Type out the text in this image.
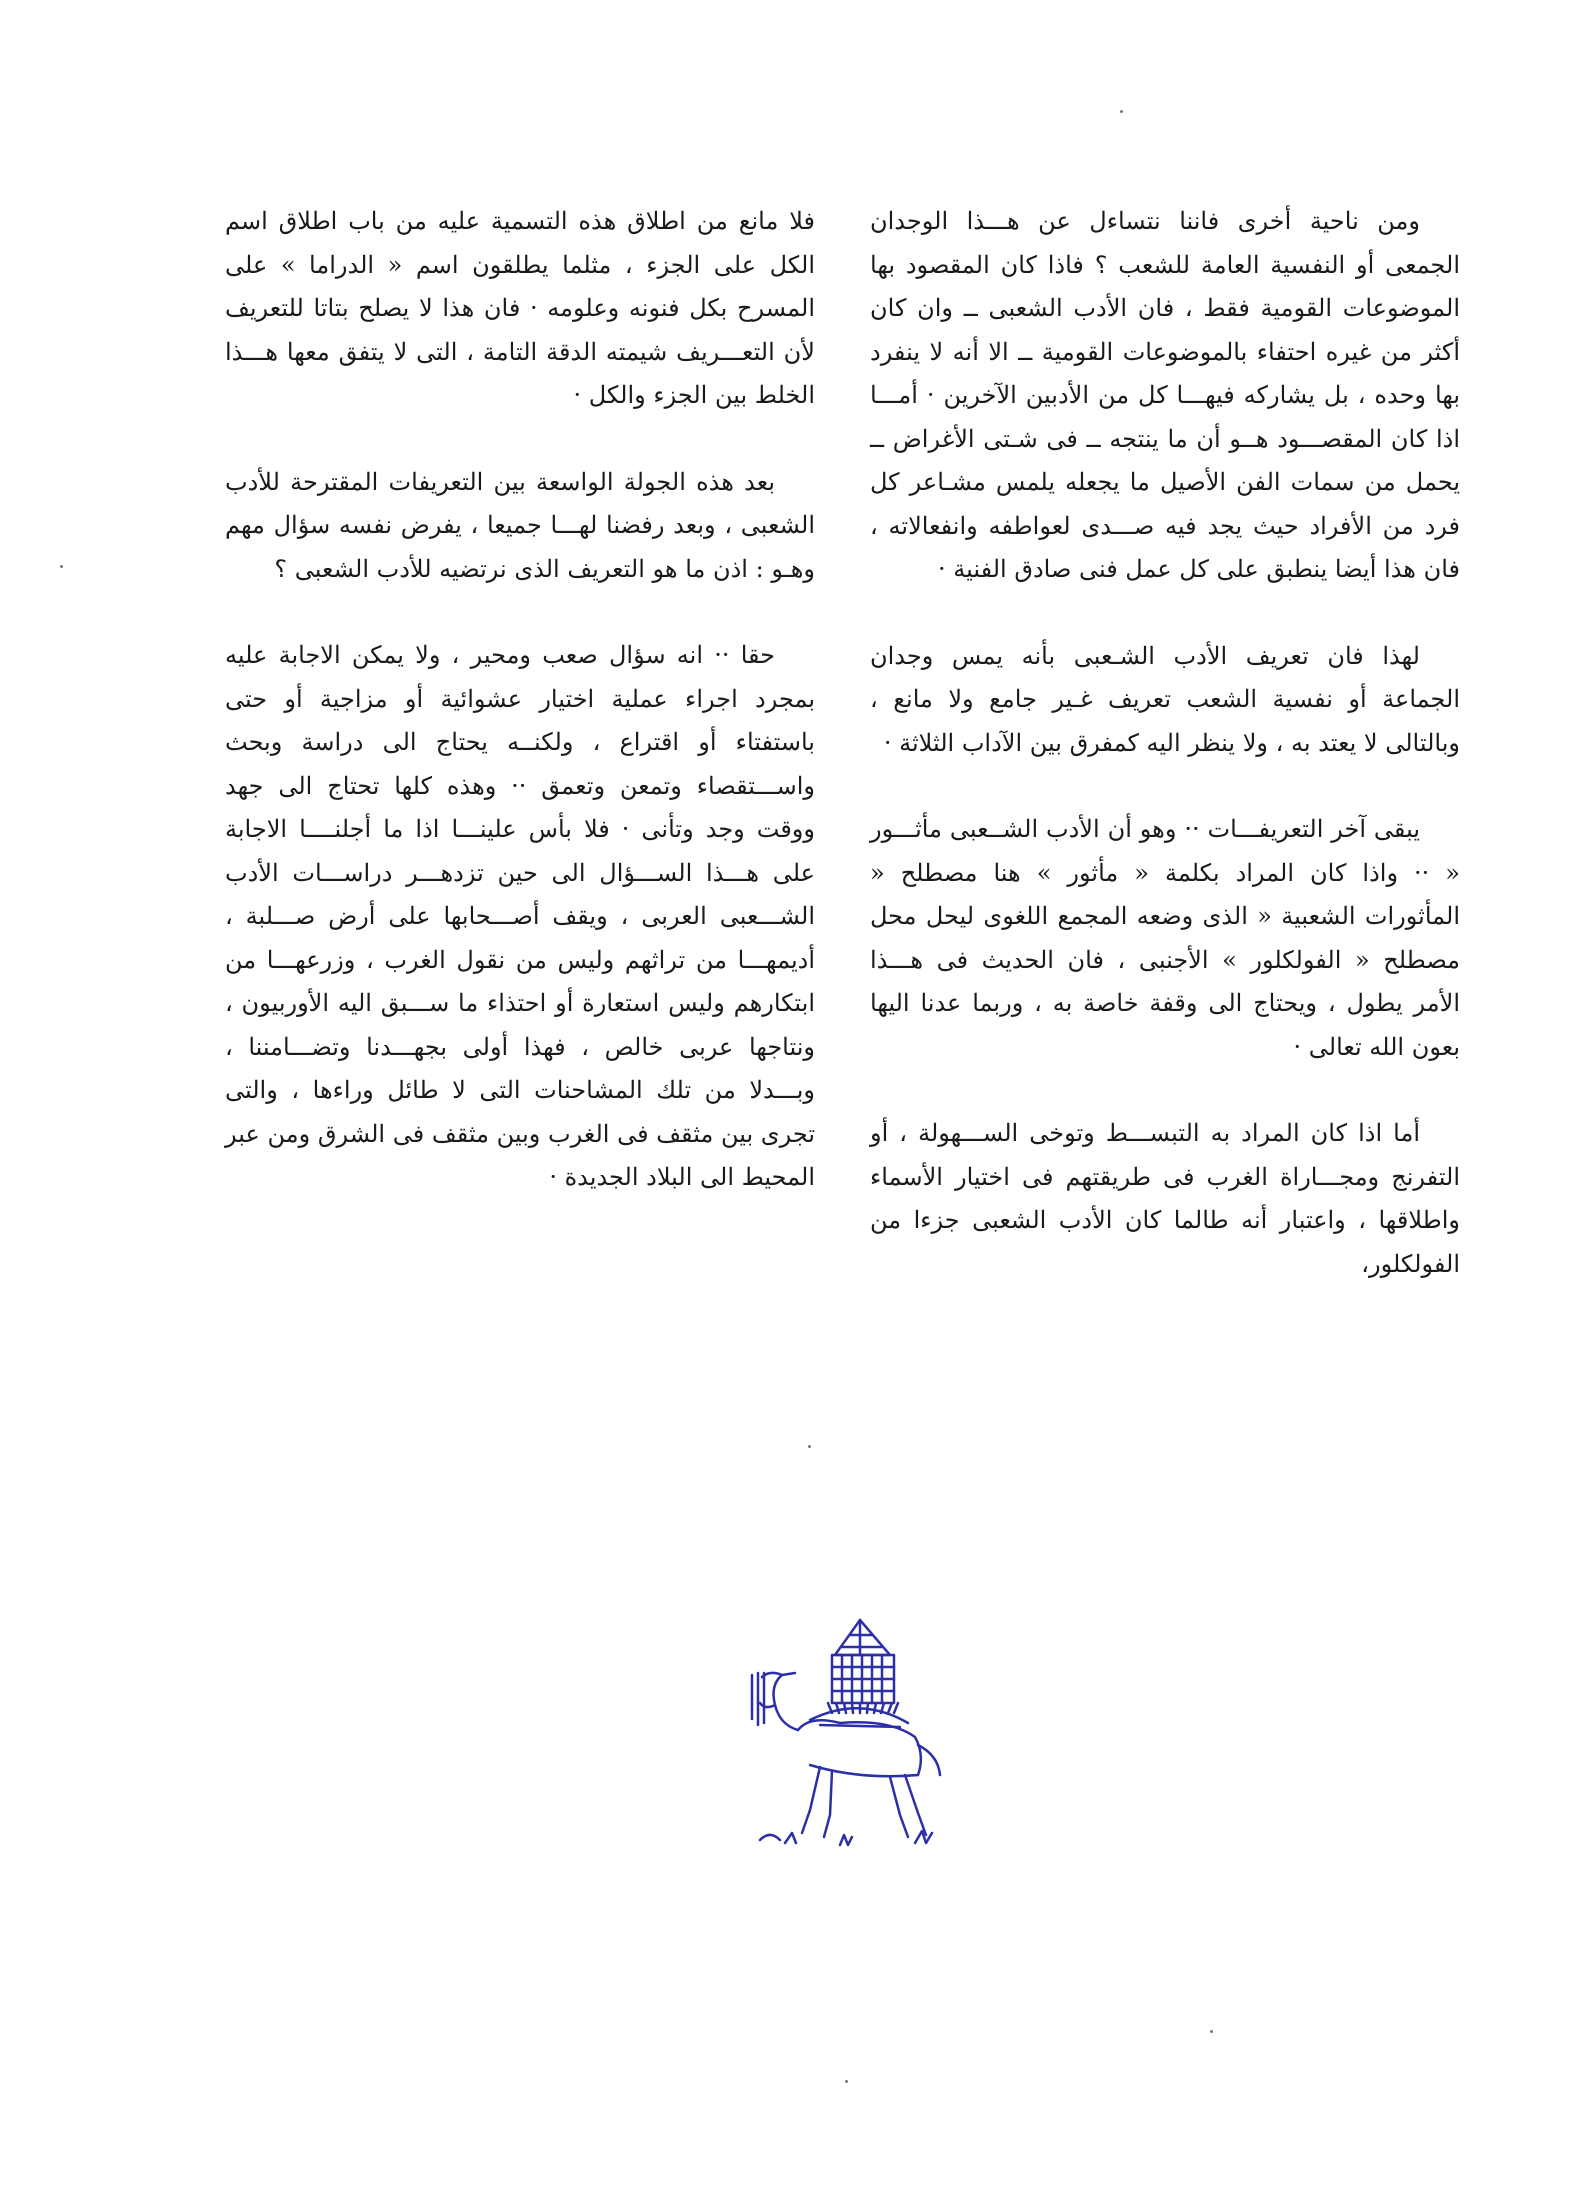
ومن ناحية أخرى فاننا نتساءل عن هـــذا الوجدان الجمعى أو النفسية العامة للشعب ؟ فاذا كان المقصود بها الموضوعات القومية فقط ، فان الأدب الشعبى ــ وان كان أكثر من غيره احتفاء بالموضوعات القومية ــ الا أنه لا ينفرد بها وحده ، بل يشاركه فيهـــا كل من الأدبين الآخرين · أمـــا اذا كان المقصـــود هــو أن ما ينتجه ــ فى شـتى الأغراض ــ يحمل من سمات الفن الأصيل ما يجعله يلمس مشـاعر كل فرد من الأفراد حيث يجد فيه صـــدى لعواطفه وانفعالاته ، فان هذا أيضا ينطبق على كل عمل فنى صادق الفنية ·

لهذا فان تعريف الأدب الشـعبى بأنه يمس وجدان الجماعة أو نفسية الشعب تعريف غـير جامع ولا مانع ، وبالتالى لا يعتد به ، ولا ينظر اليه كمفرق بين الآداب الثلاثة ·

يبقى آخر التعريفـــات ·· وهو أن الأدب الشــعبى مأثـــور « ·· واذا كان المراد بكلمة « مأثور » هنا مصطلح « المأثورات الشعبية « الذى وضعه المجمع اللغوى ليحل محل مصطلح « الفولكلور » الأجنبى ، فان الحديث فى هـــذا الأمر يطول ، ويحتاج الى وقفة خاصة به ، وربما عدنا اليها بعون الله تعالى ·

أما اذا كان المراد به التبســـط وتوخى الســـهولة ، أو التفرنج ومجـــاراة الغرب فى طريقتهم فى اختيار الأسماء واطلاقها ، واعتبار أنه طالما كان الأدب الشعبى جزءا من الفولكلور،

فلا مانع من اطلاق هذه التسمية عليه من باب اطلاق اسم الكل على الجزء ، مثلما يطلقون اسم « الدراما » على المسرح بكل فنونه وعلومه · فان هذا لا يصلح بتاتا للتعريف لأن التعـــريف شيمته الدقة التامة ، التى لا يتفق معها هـــذا الخلط بين الجزء والكل ·

بعد هذه الجولة الواسعة بين التعريفات المقترحة للأدب الشعبى ، وبعد رفضنا لهـــا جميعا ، يفرض نفسه سؤال مهم وهـو : اذن ما هو التعريف الذى نرتضيه للأدب الشعبى ؟

حقا ·· انه سؤال صعب ومحير ، ولا يمكن الاجابة عليه بمجرد اجراء عملية اختيار عشوائية أو مزاجية أو حتى باستفتاء أو اقتراع ، ولكنــه يحتاج الى دراسة وبحث واســـتقصاء وتمعن وتعمق ·· وهذه كلها تحتاج الى جهد ووقت وجد وتأنى · فلا بأس علينـــا اذا ما أجلنــــا الاجابة على هـــذا الســـؤال الى حين تزدهـــر دراســـات الأدب الشـــعبى العربى ، ويقف أصـــحابها على أرض صـــلبة ، أديمهـــا من تراثهم وليس من نقول الغرب ، وزرعهـــا من ابتكارهم وليس استعارة أو احتذاء ما ســـبق اليه الأوربيون ، ونتاجها عربى خالص ، فهذا أولى بجهـــدنا وتضـــامننا ، وبـــدلا من تلك المشاحنات التى لا طائل وراءها ، والتى تجرى بين مثقف فى الغرب وبين مثقف فى الشرق ومن عبر المحيط الى البلاد الجديدة ·
